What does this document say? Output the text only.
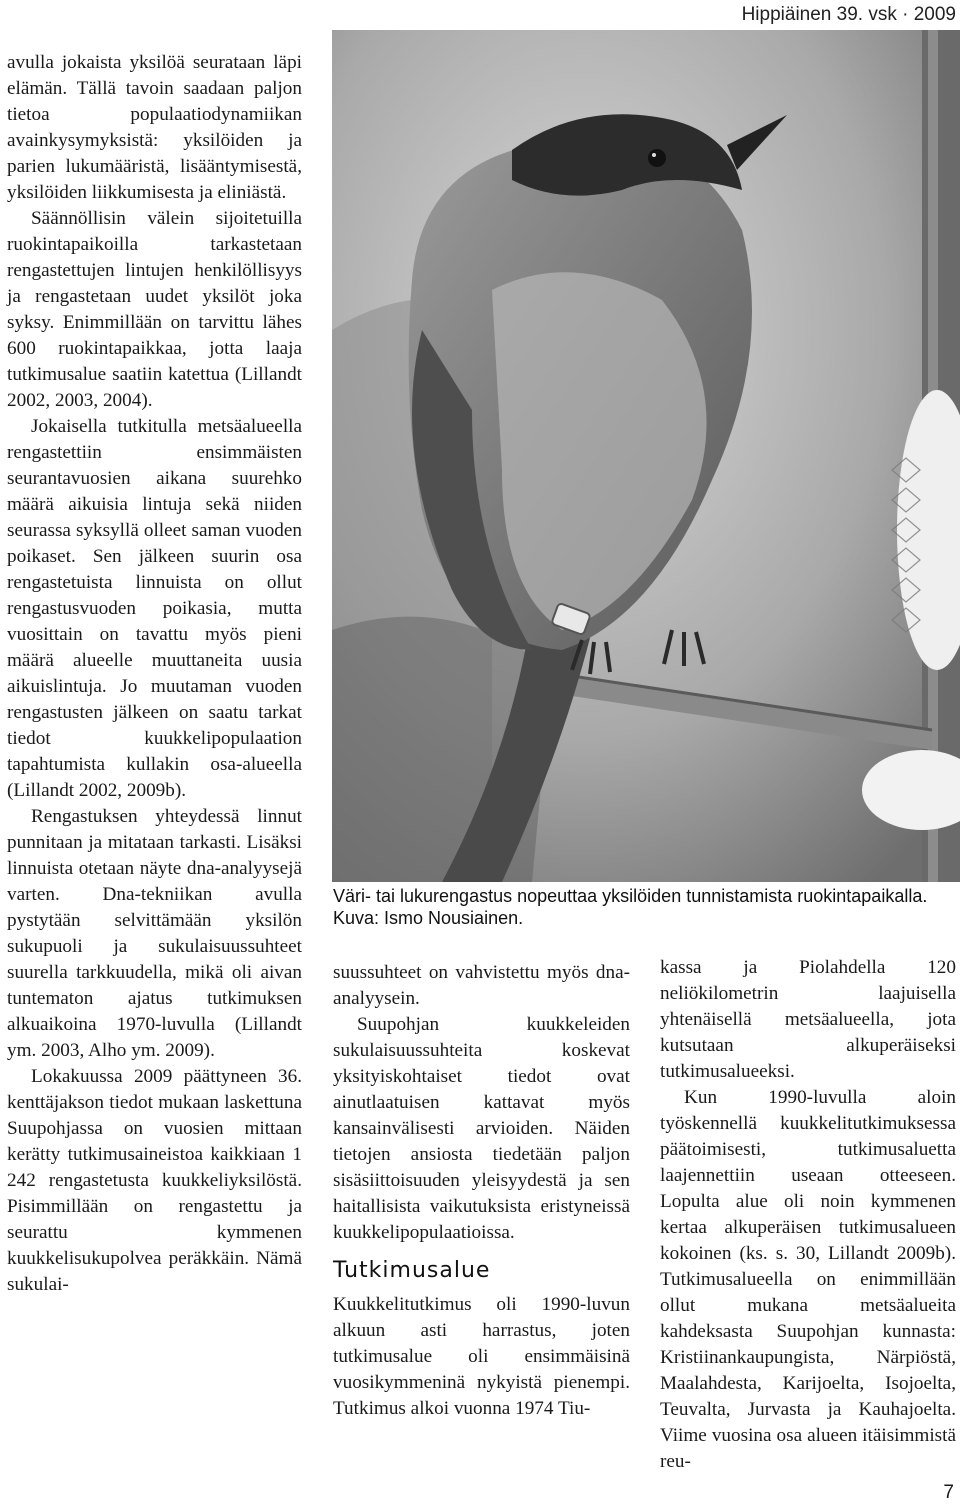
Hippiäinen 39. vsk · 2009

avulla jokaista yksilöä seurataan läpi elämän. Tällä tavoin saadaan paljon tietoa populaatiodynamiikan avainkysymyksistä: yksilöiden ja parien lukumääristä, lisääntymisestä, yksilöiden liikkumisesta ja eliniästä.

Säännöllisin välein sijoitetuilla ruokintapaikoilla tarkastetaan rengastettujen lintujen henkilöllisyys ja rengastetaan uudet yksilöt joka syksy. Enimmillään on tarvittu lähes 600 ruokintapaikkaa, jotta laaja tutkimusalue saatiin katettua (Lillandt 2002, 2003, 2004).

Jokaisella tutkitulla metsäalueella rengastettiin ensimmäisten seurantavuosien aikana suurehko määrä aikuisia lintuja sekä niiden seurassa syksyllä olleet saman vuoden poikaset. Sen jälkeen suurin osa rengastetuista linnuista on ollut rengastusvuoden poikasia, mutta vuosittain on tavattu myös pieni määrä alueelle muuttaneita uusia aikuislintuja. Jo muutaman vuoden rengastusten jälkeen on saatu tarkat tiedot kuukkelipopulaation tapahtumista kullakin osa-alueella (Lillandt 2002, 2009b).

Rengastuksen yhteydessä linnut punnitaan ja mitataan tarkasti. Lisäksi linnuista otetaan näyte dna-analyysejä varten. Dna-tekniikan avulla pystytään selvittämään yksilön sukupuoli ja sukulaisuussuhteet suurella tarkkuudella, mikä oli aivan tuntematon ajatus tutkimuksen alkuaikoina 1970-luvulla (Lillandt ym. 2003, Alho ym. 2009).

Lokakuussa 2009 päättyneen 36. kenttäjakson tiedot mukaan laskettuna Suupohjassa on vuosien mittaan kerätty tutkimusaineistoa kaikkiaan 1 242 rengastetusta kuukkeliyksilöstä. Pisimmillään on rengastettu ja seurattu kymmenen kuukkelisukupolvea peräkkäin. Nämä sukulai-

Väri- tai lukurengastus nopeuttaa yksilöiden tunnistamista ruokintapaikalla. Kuva: Ismo Nousiainen.

suussuhteet on vahvistettu myös dna-analyysein.

Suupohjan kuukkeleiden sukulaisuussuhteita koskevat yksityiskohtaiset tiedot ovat ainutlaatuisen kattavat myös kansainvälisesti arvioiden. Näiden tietojen ansiosta tiedetään paljon sisäsiittoisuuden yleisyydestä ja sen haitallisista vaikutuksista eristyneissä kuukkelipopulaatioissa.

Tutkimusalue

Kuukkelitutkimus oli 1990-luvun alkuun asti harrastus, joten tutkimusalue oli ensimmäisinä vuosikymmeninä nykyistä pienempi. Tutkimus alkoi vuonna 1974 Tiu-

kassa ja Piolahdella 120 neliökilometrin laajuisella yhtenäisellä metsäalueella, jota kutsutaan alkuperäiseksi tutkimusalueeksi.

Kun 1990-luvulla aloin työskennellä kuukkelitutkimuksessa päätoimisesti, tutkimusaluetta laajennettiin useaan otteeseen. Lopulta alue oli noin kymmenen kertaa alkuperäisen tutkimusalueen kokoinen (ks. s. 30, Lillandt 2009b). Tutkimusalueella on enimmillään ollut mukana metsäalueita kahdeksasta Suupohjan kunnasta: Kristiinankaupungista, Närpiöstä, Maalahdesta, Karijoelta, Isojoelta, Teuvalta, Jurvasta ja Kauhajoelta. Viime vuosina osa alueen itäisimmistä reu-

7
